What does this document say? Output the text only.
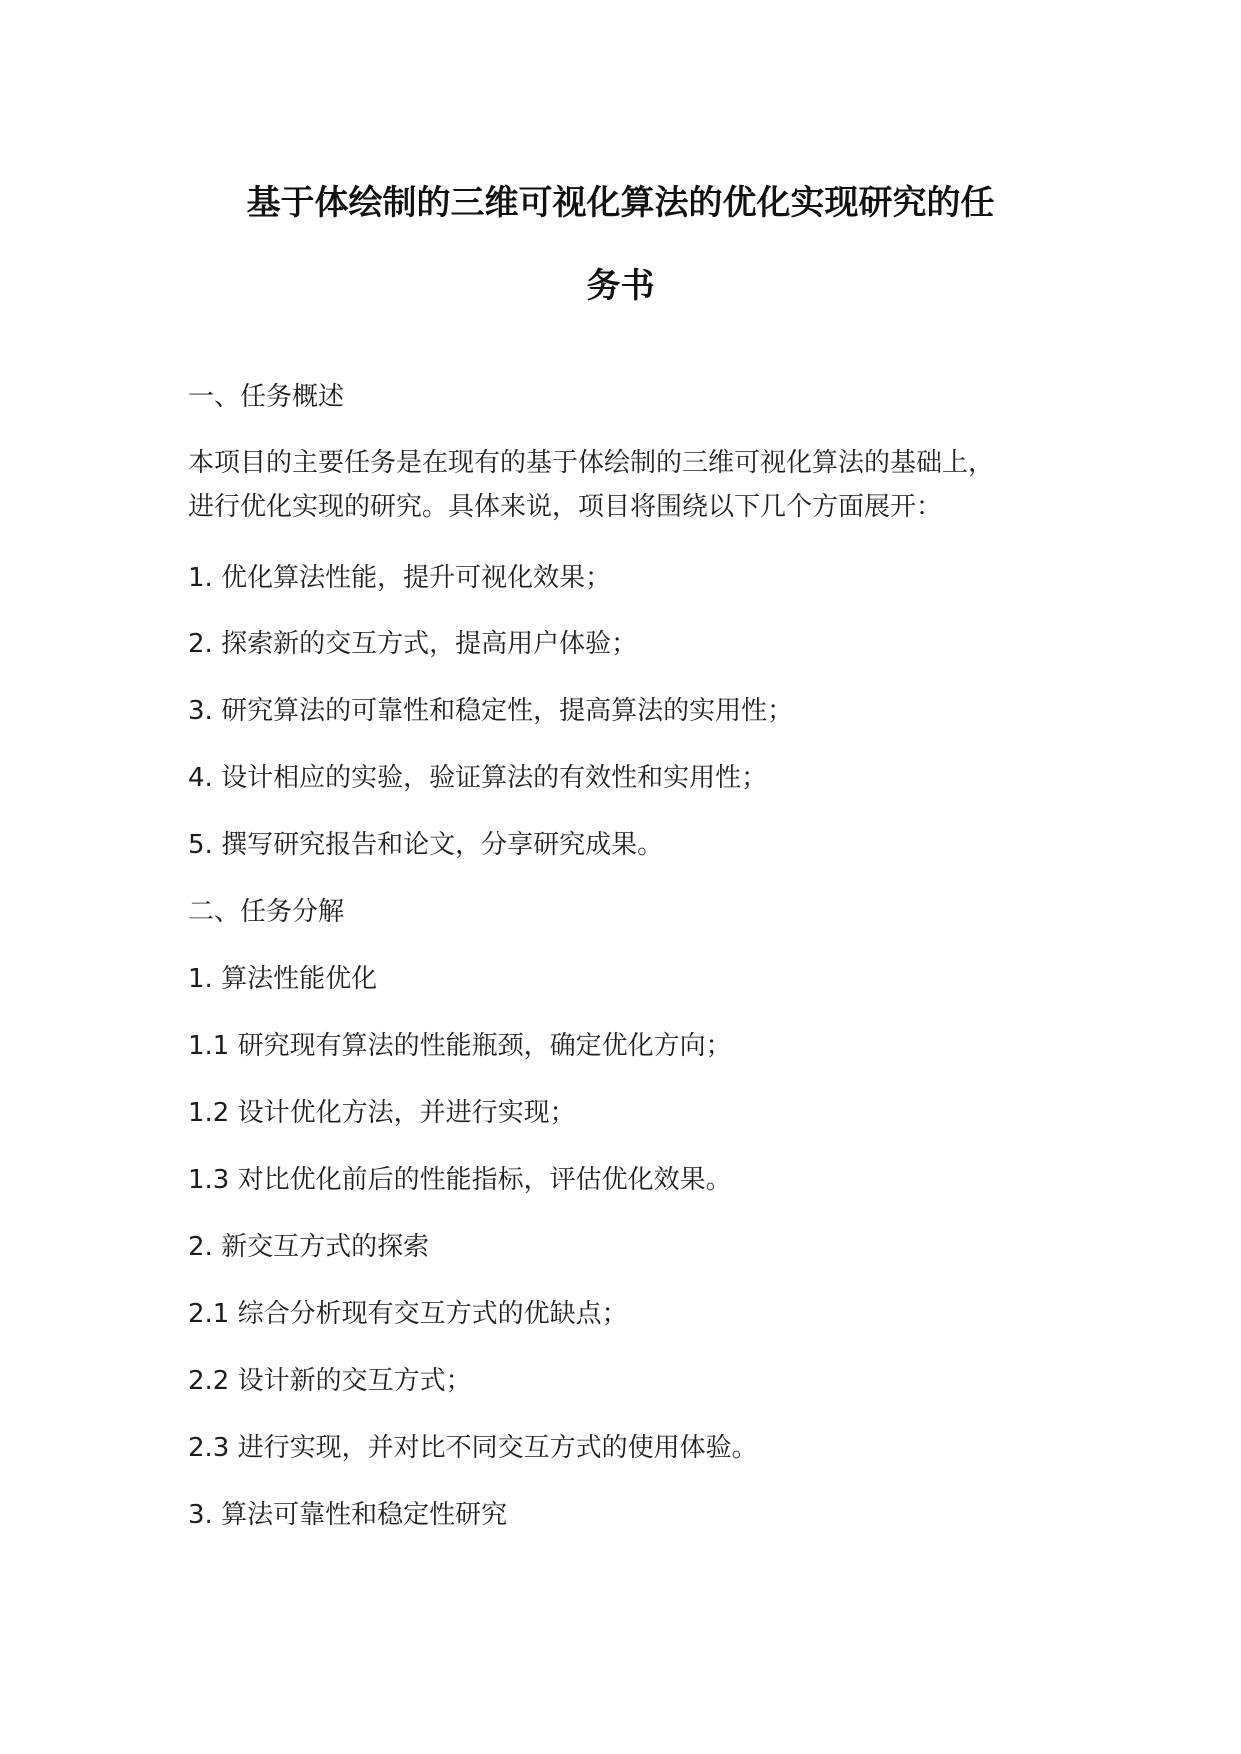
基于体绘制的三维可视化算法的优化实现研究的任
务书

一、任务概述

本项目的主要任务是在现有的基于体绘制的三维可视化算法的基础上，

进行优化实现的研究。具体来说，项目将围绕以下几个方面展开：

1. 优化算法性能，提升可视化效果；

2. 探索新的交互方式，提高用户体验；

3. 研究算法的可靠性和稳定性，提高算法的实用性；

4. 设计相应的实验，验证算法的有效性和实用性；

5. 撰写研究报告和论文，分享研究成果。

二、任务分解

1. 算法性能优化

1.1 研究现有算法的性能瓶颈，确定优化方向；

1.2 设计优化方法，并进行实现；

1.3 对比优化前后的性能指标，评估优化效果。

2. 新交互方式的探索

2.1 综合分析现有交互方式的优缺点；

2.2 设计新的交互方式；

2.3 进行实现，并对比不同交互方式的使用体验。

3. 算法可靠性和稳定性研究
